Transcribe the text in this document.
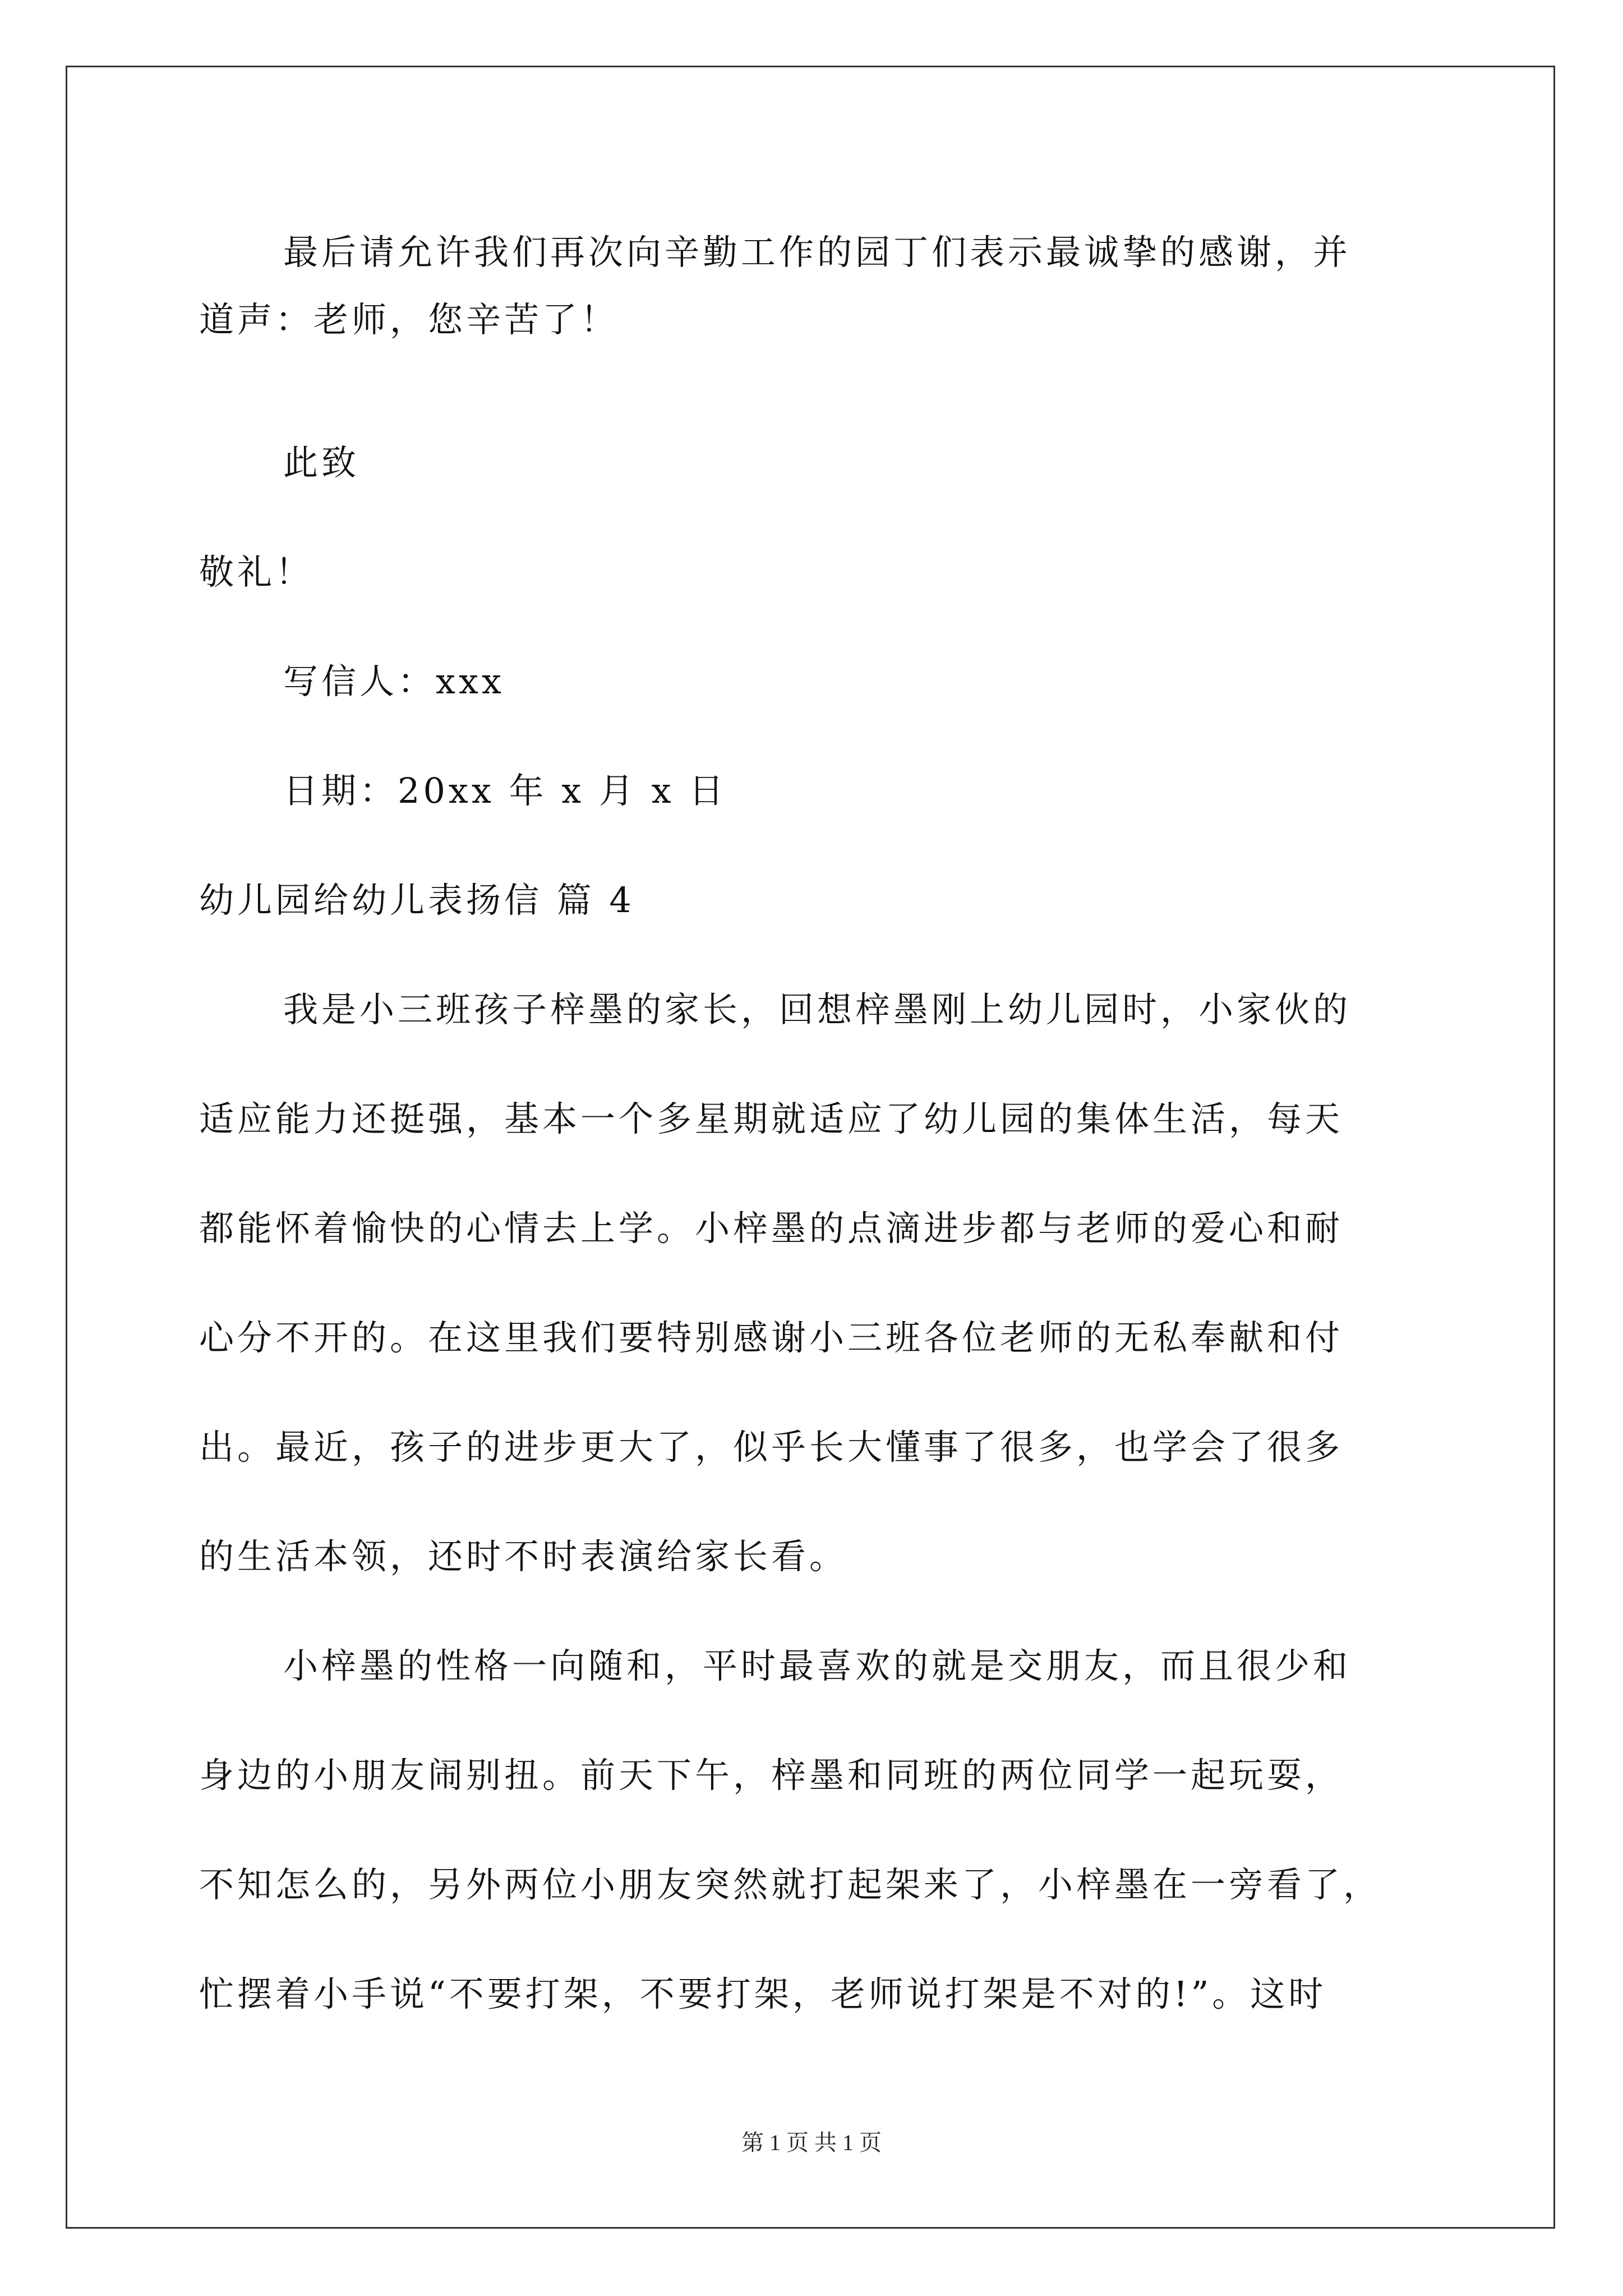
最后请允许我们再次向辛勤工作的园丁们表示最诚挚的感谢，并
道声：老师，您辛苦了！
此致
敬礼！
写信人：xxx
日期：20xx 年 x 月 x 日
幼儿园给幼儿表扬信 篇 4
我是小三班孩子梓墨的家长，回想梓墨刚上幼儿园时，小家伙的
适应能力还挺强，基本一个多星期就适应了幼儿园的集体生活，每天
都能怀着愉快的心情去上学。小梓墨的点滴进步都与老师的爱心和耐
心分不开的。在这里我们要特别感谢小三班各位老师的无私奉献和付
出。最近，孩子的进步更大了，似乎长大懂事了很多，也学会了很多
的生活本领，还时不时表演给家长看。
小梓墨的性格一向随和，平时最喜欢的就是交朋友，而且很少和
身边的小朋友闹别扭。前天下午，梓墨和同班的两位同学一起玩耍，
不知怎么的，另外两位小朋友突然就打起架来了，小梓墨在一旁看了，
忙摆着小手说“不要打架，不要打架，老师说打架是不对的!”。这时
第 1 页 共 1 页
